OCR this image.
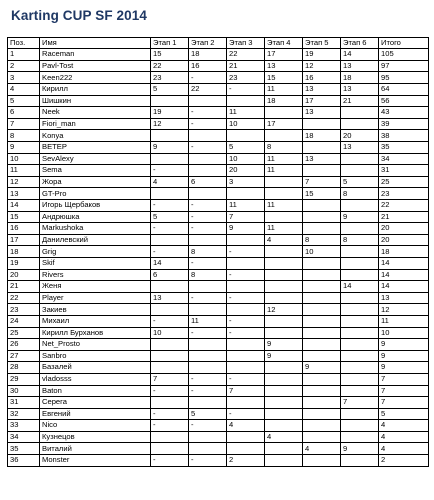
Karting CUP SF 2014
Поз.	Имя	Этап 1	Этап 2	Этап 3	Этап 4	Этап 5	Этап 6	Итого
1	Raceman	15	18	22	17	19	14	105
2	Pavl-Tost	22	16	21	13	12	13	97
3	Keen222	23	-	23	15	16	18	95
4	Кирилл	5	22	-	11	13	13	64
5	Шишкин				18	17	21	56
6	Neek	19	-	11		13		43
7	Fiori_man	12	-	10	17			39
8	Konya					18	20	38
9	ВЕТЕР	9	-	5	8		13	35
10	SevAlexy			10	11	13		34
11	Sema	-		20	11			31
12	Жора	4	6	3		7	5	25
13	GT-Pro					15	8	23
14	Игорь Щербаков	-	-	11	11			22
15	Андрюшка	5	-	7			9	21
16	Markushoka	-	-	9	11			20
17	Данилевский				4	8	8	20
18	Grig	-	8	-		10		18
19	Skif	14	-					14
20	Rivers	6	8	-				14
21	Женя						14	14
22	Player	13	-	-				13
23	Закиев				12			12
24	Михаил	-	11	-				11
25	Кирилл Бурханов	10	-	-				10
26	Net_Prosto				9			9
27	Sanbro				9			9
28	Базалей					9		9
29	vladosss	7	-	-				7
30	Baton	-	-	7				7
31	Серега						7	7
32	Евгений	-	5	-				5
33	Nico	-	-	4				4
34	Кузнецов				4			4
35	Виталий					4	9	4
36	Monster	-	-	2				2
